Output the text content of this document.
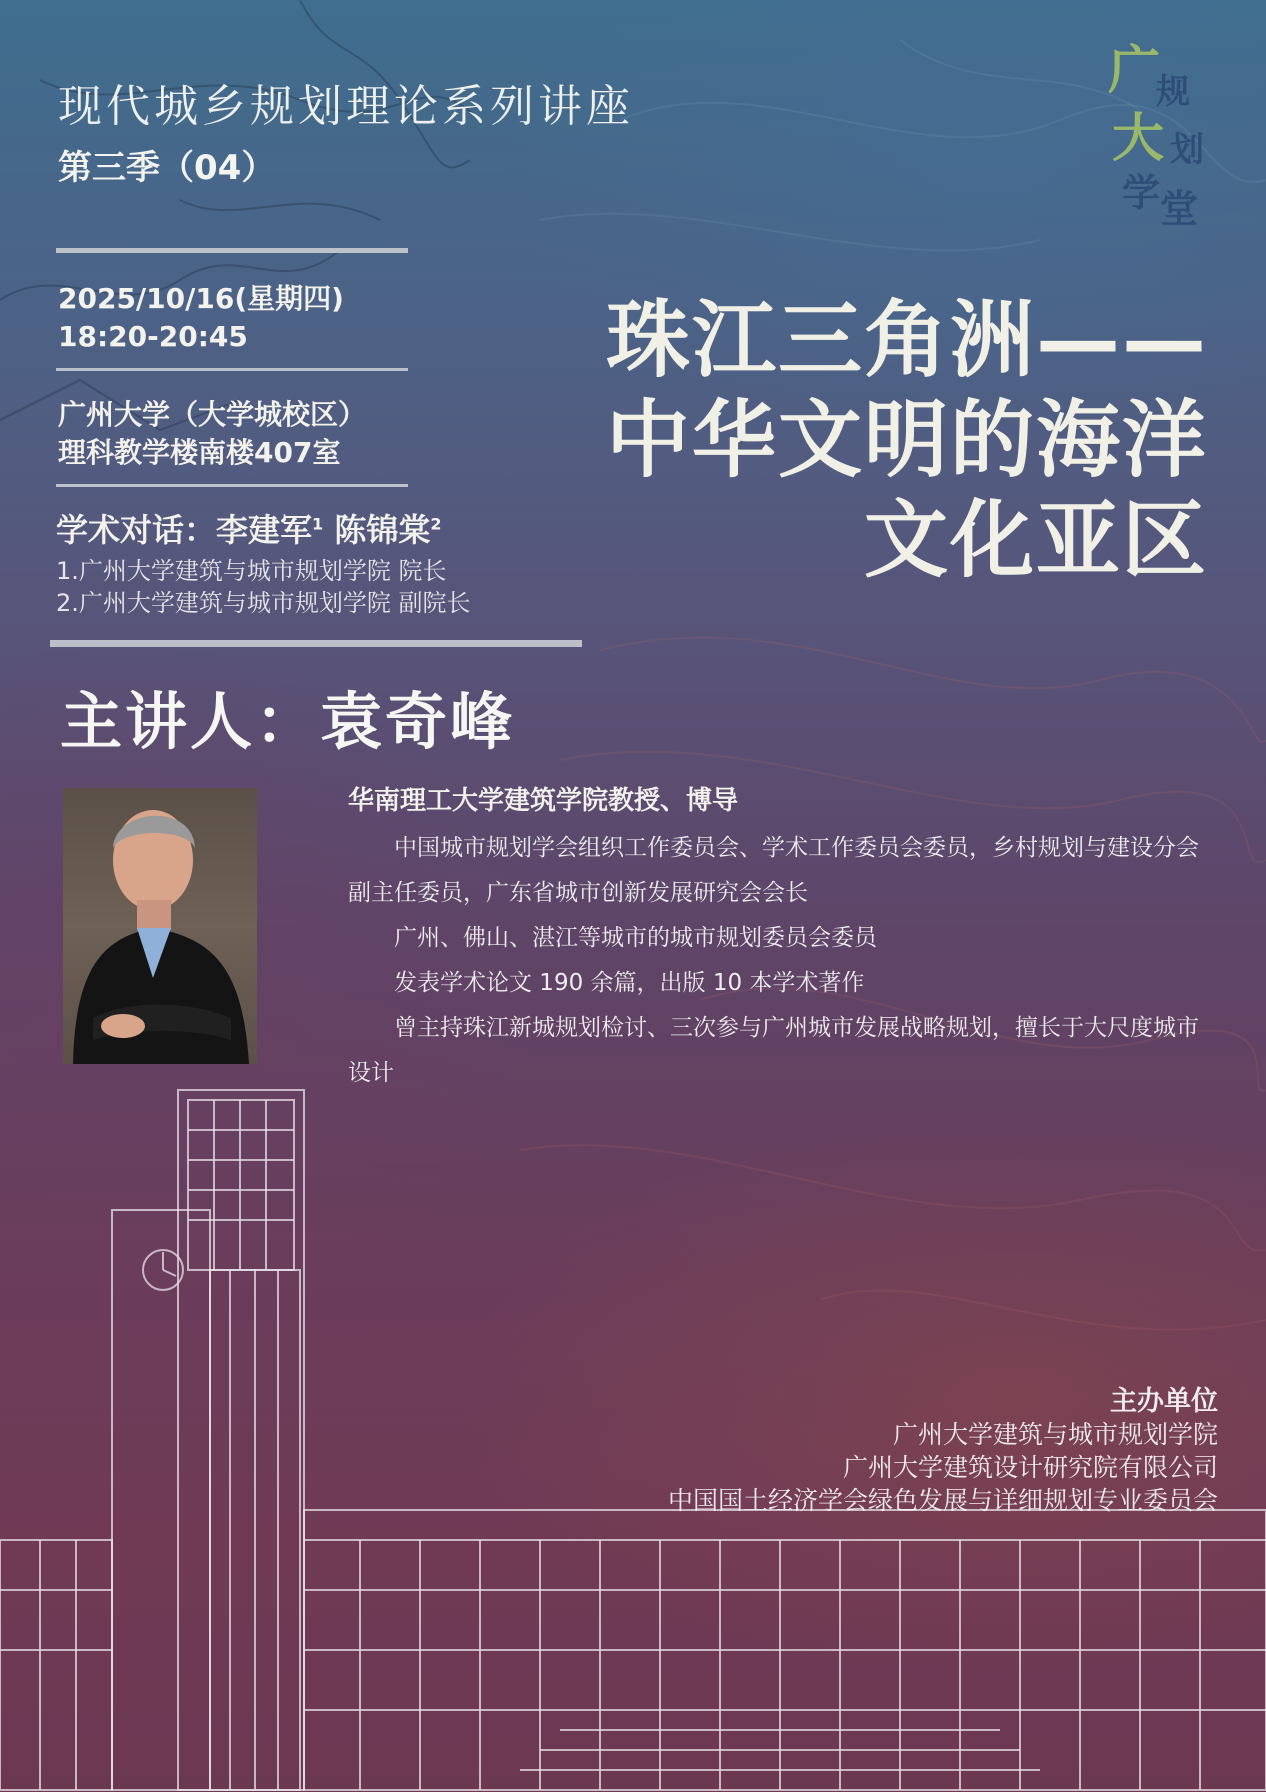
广
规
大 划
学 堂
现代城乡规划理论系列讲座
第三季（04）
2025/10/16(星期四)
18:20-20:45
广州大学（大学城校区）
理科教学楼南楼407室
学术对话：李建军$^1$ 陈锦棠$^2$
1.广州大学建筑与城市规划学院 院长
2.广州大学建筑与城市规划学院 副院长
珠江三角洲——
中华文明的海洋
文化亚区
主讲人：袁奇峰
华南理工大学建筑学院教授、博导

中国城市规划学会组织工作委员会、学术工作委员会委员，乡村规划与建设分会副主任委员，广东省城市创新发展研究会会长

广州、佛山、湛江等城市的城市规划委员会委员

发表学术论文 190 余篇，出版 10 本学术著作

曾主持珠江新城规划检讨、三次参与广州城市发展战略规划，擅长于大尺度城市设计

主办单位
广州大学建筑与城市规划学院
广州大学建筑设计研究院有限公司
中国国土经济学会绿色发展与详细规划专业委员会
